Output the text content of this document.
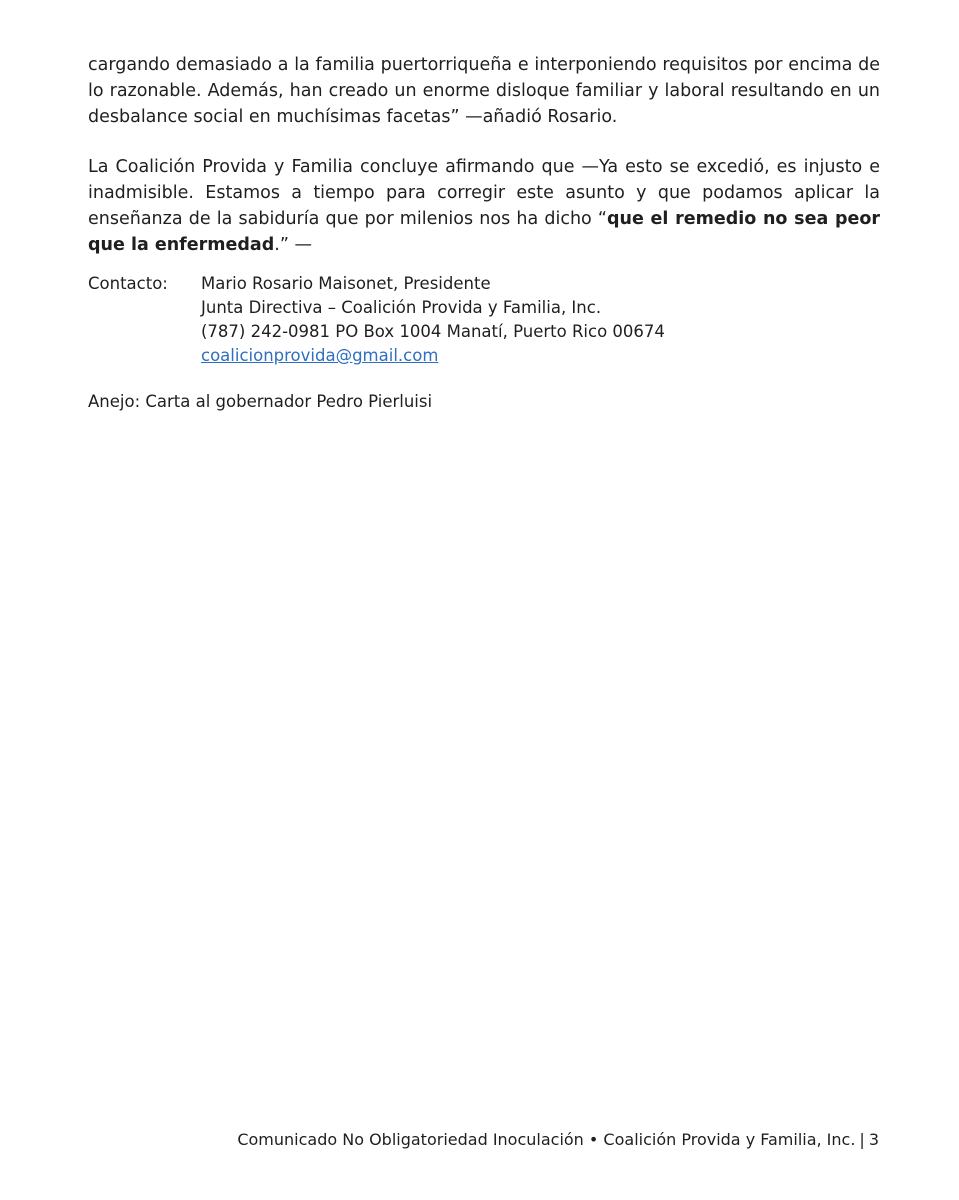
cargando demasiado a la familia puertorriqueña e interponiendo requisitos por encima de lo razonable. Además, han creado un enorme disloque familiar y laboral resultando en un desbalance social en muchísimas facetas” —añadió Rosario.

La Coalición Provida y Familia concluye afirmando que —Ya esto se excedió, es injusto e inadmisible. Estamos a tiempo para corregir este asunto y que podamos aplicar la enseñanza de la sabiduría que por milenios nos ha dicho “que el remedio no sea peor que la enfermedad.” —

Contacto:	Mario Rosario Maisonet, Presidente
Junta Directiva – Coalición Provida y Familia, Inc.
(787) 242-0981 PO Box 1004 Manatí, Puerto Rico 00674
coalicionprovida@gmail.com
Anejo: Carta al gobernador Pedro Pierluisi
Comunicado No Obligatoriedad Inoculación • Coalición Provida y Familia, Inc. | 3
